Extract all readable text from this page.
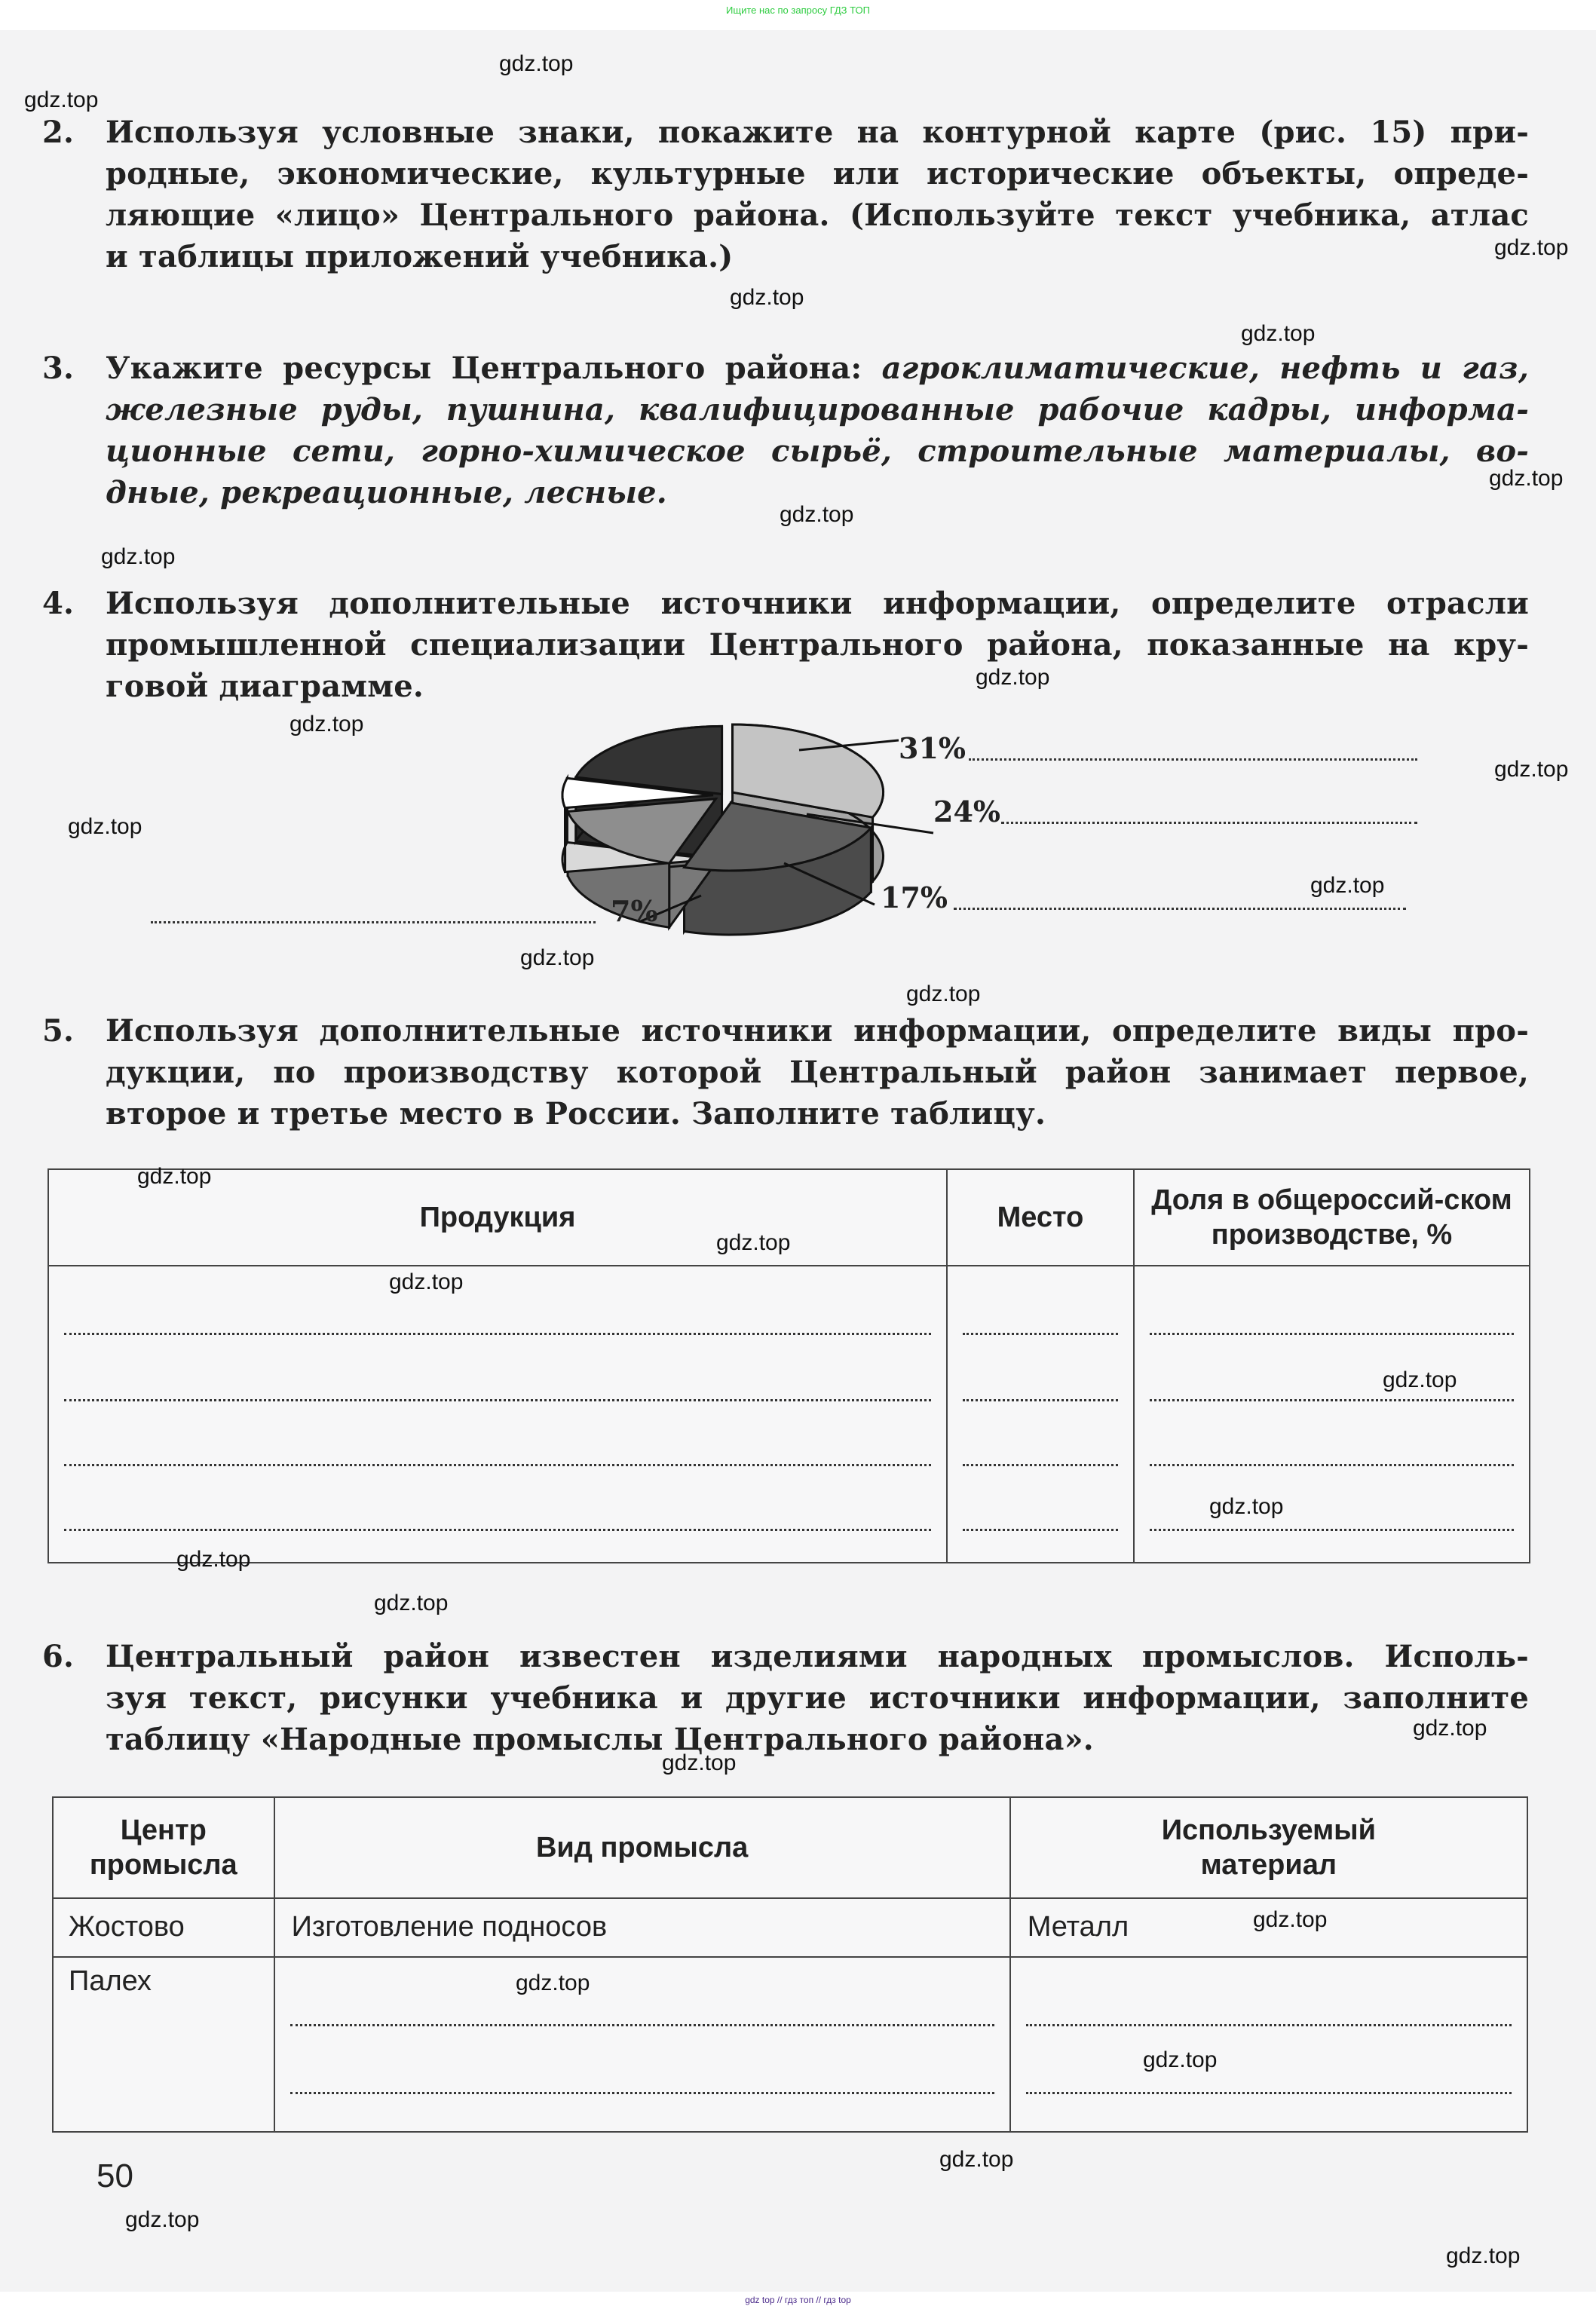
Ищите нас по запросу ГДЗ ТОП
2. Используя условные знаки, покажите на контурной карте (рис. 15) при-
родные, экономические, культурные или исторические объекты, опреде-
ляющие «лицо» Центрального района. (Используйте текст учебника, атлас
и таблицы приложений учебника.)
3. Укажите ресурсы Центрального района: агроклиматические, нефть и газ,
железные руды, пушнина, квалифицированные рабочие кадры, информа-
ционные сети, горно-химическое сырьё, строительные материалы, во-
дные, рекреационные, лесные.
4. Используя дополнительные источники информации, определите отрасли
промышленной специализации Центрального района, показанные на кру-
говой диаграмме.
31%
24%
17%
7%
5. Используя дополнительные источники информации, определите виды про-
дукции, по производству которой Центральный район занимает первое,
второе и третье место в России. Заполните таблицу.
Продукция	Место	Доля в общероссий-ском производстве, %

6. Центральный район известен изделиями народных промыслов. Исполь-
зуя текст, рисунки учебника и другие источники информации, заполните
таблицу «Народные промыслы Центрального района».
Центр промысла	Вид промысла	Используемый материал
Жостово	Изготовление подносов	Металл
Палех	

50
gdz.top
gdz.top
gdz.top
gdz.top
gdz.top
gdz.top
gdz.top
gdz.top
gdz.top
gdz.top
gdz.top
gdz.top
gdz.top
gdz.top
gdz.top
gdz.top
gdz.top
gdz.top
gdz.top
gdz.top
gdz.top
gdz.top
gdz.top
gdz.top
gdz.top
gdz.top
gdz.top
gdz.top
gdz.top
gdz.top
gdz top // гдз топ // гдз top
